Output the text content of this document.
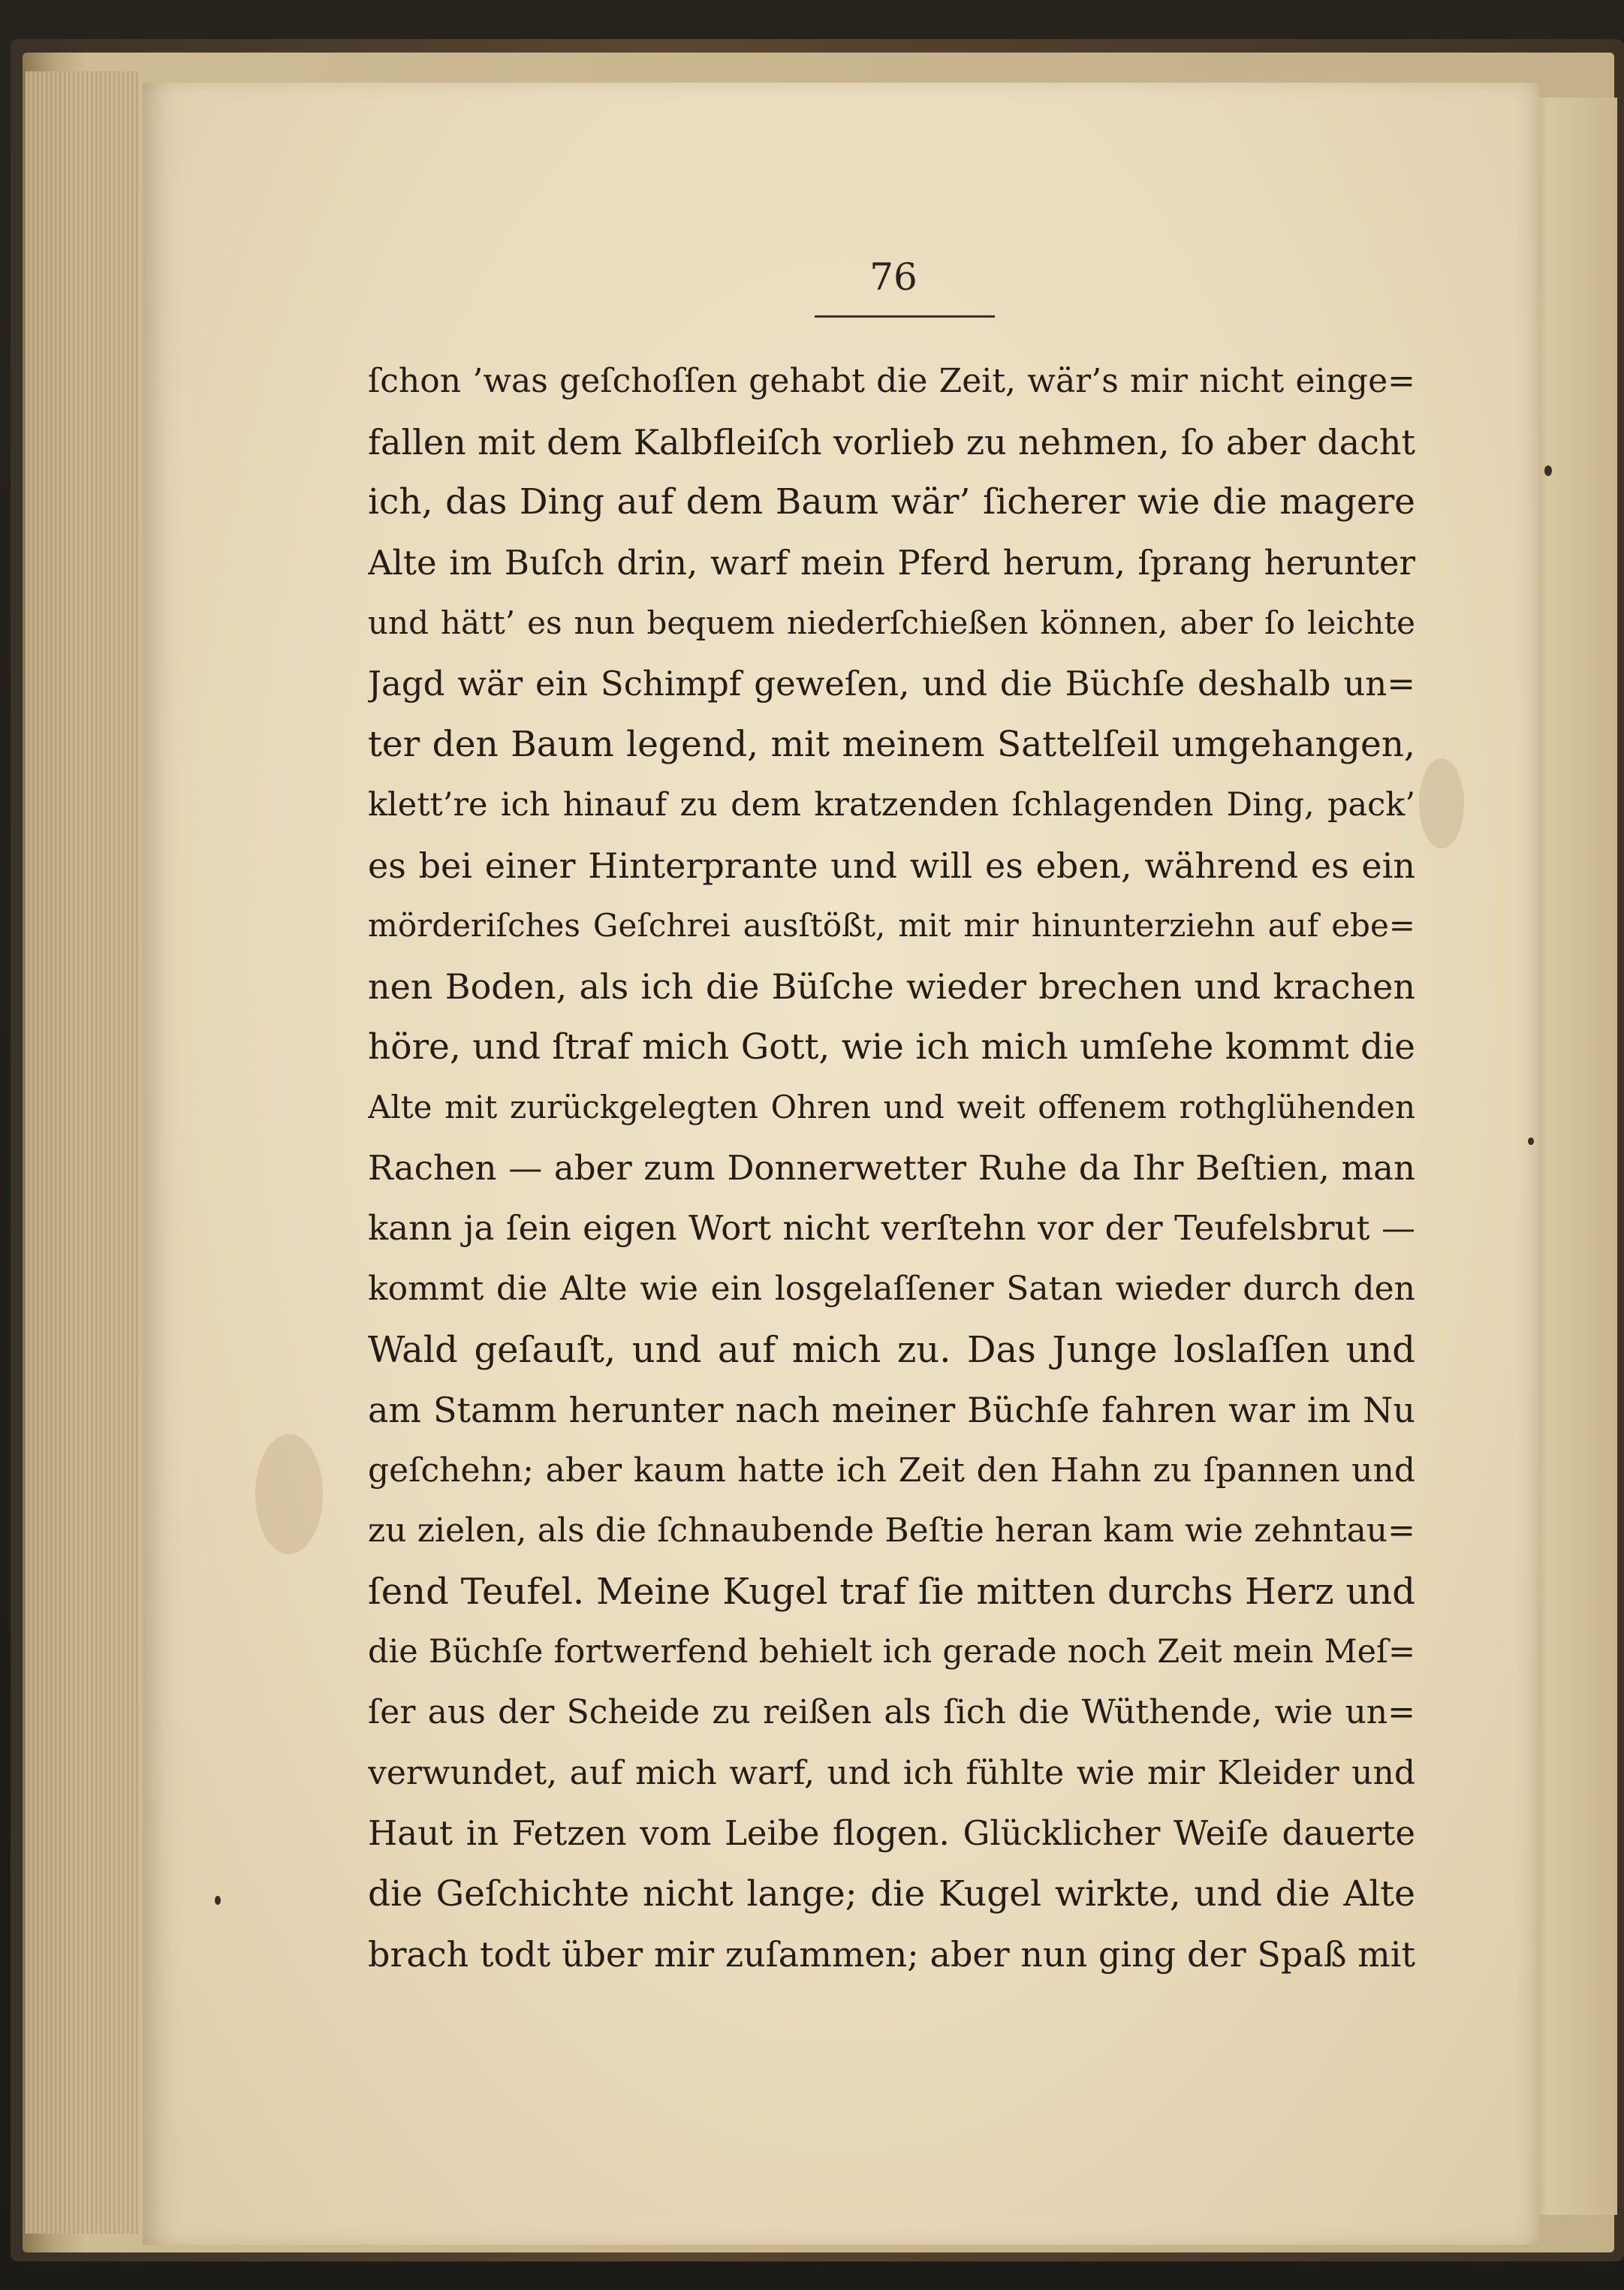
76
ſchon ’was geſchoſſen gehabt die Zeit, wär’s mir nicht einge=
fallen mit dem Kalbfleiſch vorlieb zu nehmen, ſo aber dacht
ich, das Ding auf dem Baum wär’ ſicherer wie die magere
Alte im Buſch drin, warf mein Pferd herum, ſprang herunter
und hätt’ es nun bequem niederſchießen können, aber ſo leichte
Jagd wär ein Schimpf geweſen, und die Büchſe deshalb un=
ter den Baum legend, mit meinem Sattelſeil umgehangen,
klett’re ich hinauf zu dem kratzenden ſchlagenden Ding, pack’
es bei einer Hinterprante und will es eben, während es ein
mörderiſches Geſchrei ausſtößt, mit mir hinunterziehn auf ebe=
nen Boden, als ich die Büſche wieder brechen und krachen
höre, und ſtraf mich Gott, wie ich mich umſehe kommt die
Alte mit zurückgelegten Ohren und weit offenem rothglühenden
Rachen — aber zum Donnerwetter Ruhe da Ihr Beſtien, man
kann ja ſein eigen Wort nicht verſtehn vor der Teufelsbrut —
kommt die Alte wie ein losgelaſſener Satan wieder durch den
Wald geſauſt, und auf mich zu. Das Junge loslaſſen und
am Stamm herunter nach meiner Büchſe fahren war im Nu
geſchehn; aber kaum hatte ich Zeit den Hahn zu ſpannen und
zu zielen, als die ſchnaubende Beſtie heran kam wie zehntau=
ſend Teufel. Meine Kugel traf ſie mitten durchs Herz und
die Büchſe fortwerfend behielt ich gerade noch Zeit mein Meſ=
ſer aus der Scheide zu reißen als ſich die Wüthende, wie un=
verwundet, auf mich warf, und ich fühlte wie mir Kleider und
Haut in Fetzen vom Leibe flogen. Glücklicher Weiſe dauerte
die Geſchichte nicht lange; die Kugel wirkte, und die Alte
brach todt über mir zuſammen; aber nun ging der Spaß mit
